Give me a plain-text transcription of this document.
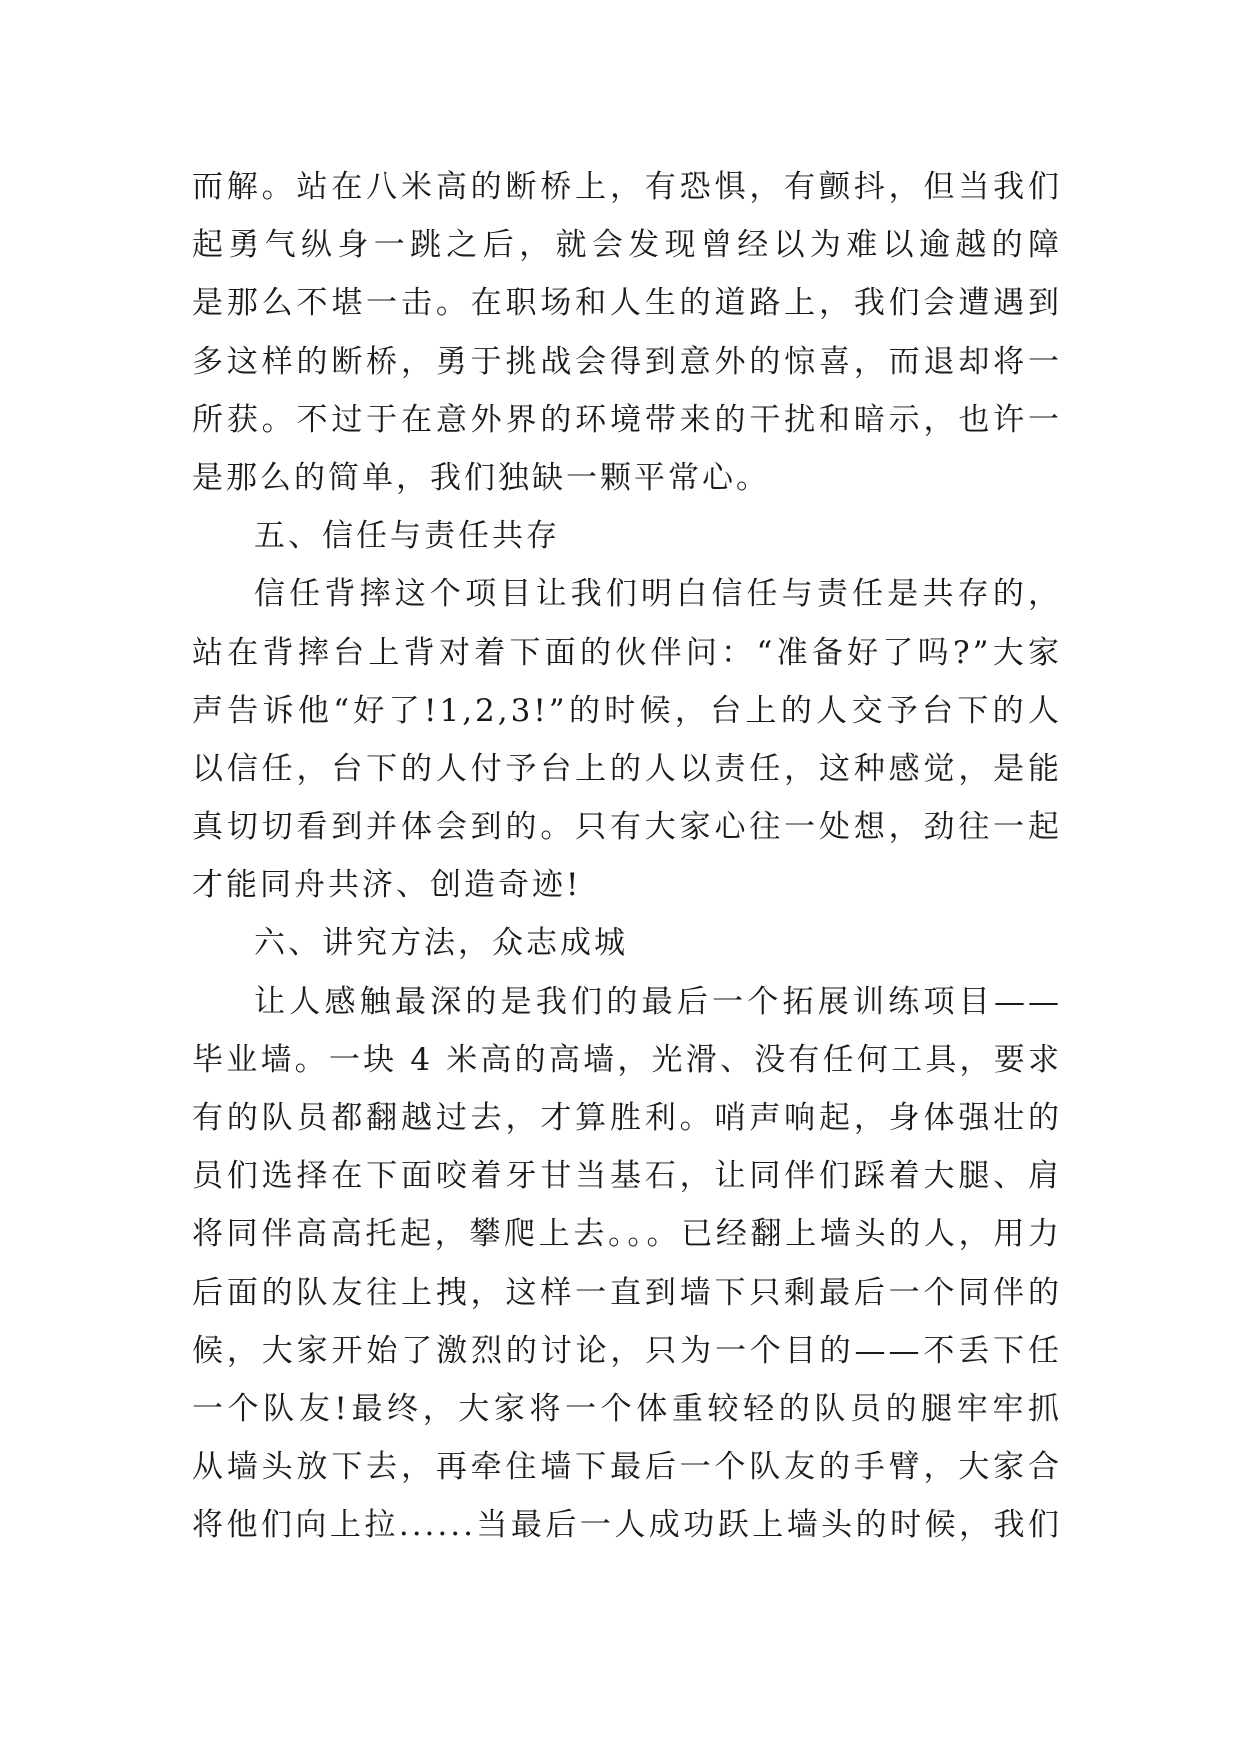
而解。站在八米高的断桥上，有恐惧，有颤抖，但当我们
起勇气纵身一跳之后，就会发现曾经以为难以逾越的障
是那么不堪一击。在职场和人生的道路上，我们会遭遇到
多这样的断桥，勇于挑战会得到意外的惊喜，而退却将一
所获。不过于在意外界的环境带来的干扰和暗示，也许一
是那么的简单，我们独缺一颗平常心。
五、信任与责任共存
信任背摔这个项目让我们明白信任与责任是共存的，
站在背摔台上背对着下面的伙伴问：“准备好了吗?”大家
声告诉他“好了!1,2,3!”的时候，台上的人交予台下的人
以信任，台下的人付予台上的人以责任，这种感觉，是能
真切切看到并体会到的。只有大家心往一处想，劲往一起
才能同舟共济、创造奇迹!
六、讲究方法，众志成城
让人感触最深的是我们的最后一个拓展训练项目——
毕业墙。一块 4 米高的高墙，光滑、没有任何工具，要求
有的队员都翻越过去，才算胜利。哨声响起，身体强壮的
员们选择在下面咬着牙甘当基石，让同伴们踩着大腿、肩
将同伴高高托起，攀爬上去。。。已经翻上墙头的人，用力
后面的队友往上拽，这样一直到墙下只剩最后一个同伴的
候，大家开始了激烈的讨论，只为一个目的——不丢下任
一个队友!最终，大家将一个体重较轻的队员的腿牢牢抓
从墙头放下去，再牵住墙下最后一个队友的手臂，大家合
将他们向上拉......当最后一人成功跃上墙头的时候，我们
